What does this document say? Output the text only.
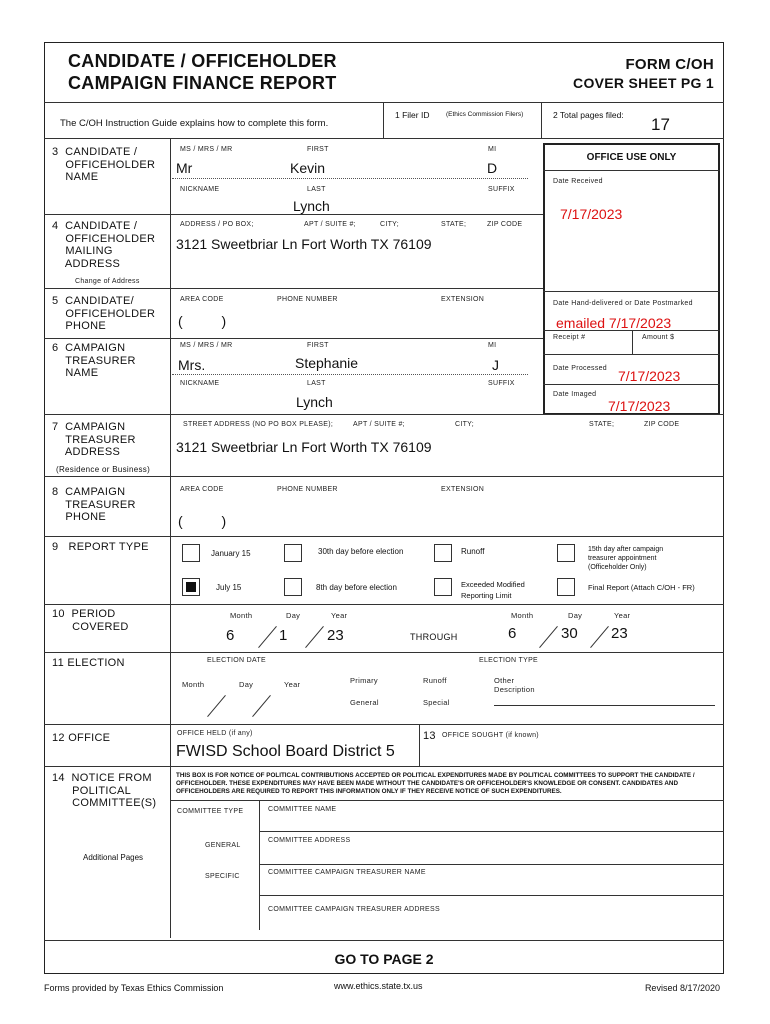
CANDIDATE / OFFICEHOLDER
CAMPAIGN FINANCE REPORT
FORM C/OH
COVER SHEET PG 1
The C/OH Instruction Guide explains how to complete this form.
1 Filer ID	(Ethics Commission Filers)	2 Total pages filed: 17
OFFICE USE ONLY
Date Received
7/17/2023
Date Hand-delivered or Date Postmarked
emailed 7/17/2023
Receipt #	Amount $
Date Processed 7/17/2023
Date Imaged
7/17/2023
3  CANDIDATE /
OFFICEHOLDER
NAME
MS / MRS / MR	FIRST	MI
Mr	Kevin	D
NICKNAME	LAST	SUFFIX
Lynch
4  CANDIDATE /
OFFICEHOLDER
MAILING
ADDRESS
ADDRESS / PO BOX;	APT / SUITE #;	CITY;	STATE;	ZIP CODE
3121 Sweetbriar Ln Fort Worth TX 76109
Change of Address
5  CANDIDATE/
OFFICEHOLDER
PHONE
AREA CODE	PHONE NUMBER	EXTENSION
(          )
6  CAMPAIGN
TREASURER
NAME
MS / MRS / MR	FIRST	MI
Mrs.	Stephanie	J
NICKNAME	LAST	SUFFIX
Lynch
7  CAMPAIGN
TREASURER
ADDRESS
STREET ADDRESS (NO PO BOX PLEASE);	APT / SUITE #;	CITY;	STATE;	ZIP CODE
3121 Sweetbriar Ln Fort Worth TX 76109
(Residence or Business)
8  CAMPAIGN
TREASURER
PHONE
AREA CODE	PHONE NUMBER	EXTENSION
(          )
9   REPORT TYPE
January 15	30th day before election	Runoff	15th day after campaign
treasurer appointment
(Officeholder Only)
July 15	8th day before election	Exceeded Modified
Reporting Limit
Final Report (Attach C/OH - FR)
10  PERIOD
COVERED
Month	Day	Year
6	1	23	THROUGH
Month	Day	Year
6	30 23
11 ELECTION	ELECTION DATE	ELECTION TYPE
Month	Day	Year	Primary	Runoff	Other
Description
General	Special
12 OFFICE	OFFICE HELD (if any)
FWISD School Board District 5
13 OFFICE SOUGHT (if known)
14  NOTICE FROM
POLITICAL
COMMITTEE(S)
THIS BOX IS FOR NOTICE OF POLITICAL CONTRIBUTIONS ACCEPTED OR POLITICAL EXPENDITURES MADE BY POLITICAL COMMITTEES TO SUPPORT THE CANDIDATE / OFFICEHOLDER. THESE EXPENDITURES MAY HAVE BEEN MADE WITHOUT THE CANDIDATE'S OR OFFICEHOLDER'S KNOWLEDGE OR CONSENT. CANDIDATES AND OFFICEHOLDERS ARE REQUIRED TO REPORT THIS INFORMATION ONLY IF THEY RECEIVE NOTICE OF SUCH EXPENDITURES.
COMMITTEE TYPE	COMMITTEE NAME
COMMITTEE ADDRESS
GENERAL
Additional Pages
COMMITTEE CAMPAIGN TREASURER NAME
SPECIFIC
COMMITTEE CAMPAIGN TREASURER ADDRESS
GO TO PAGE 2
Forms provided by Texas Ethics Commission	www.ethics.state.tx.us	Revised 8/17/2020
